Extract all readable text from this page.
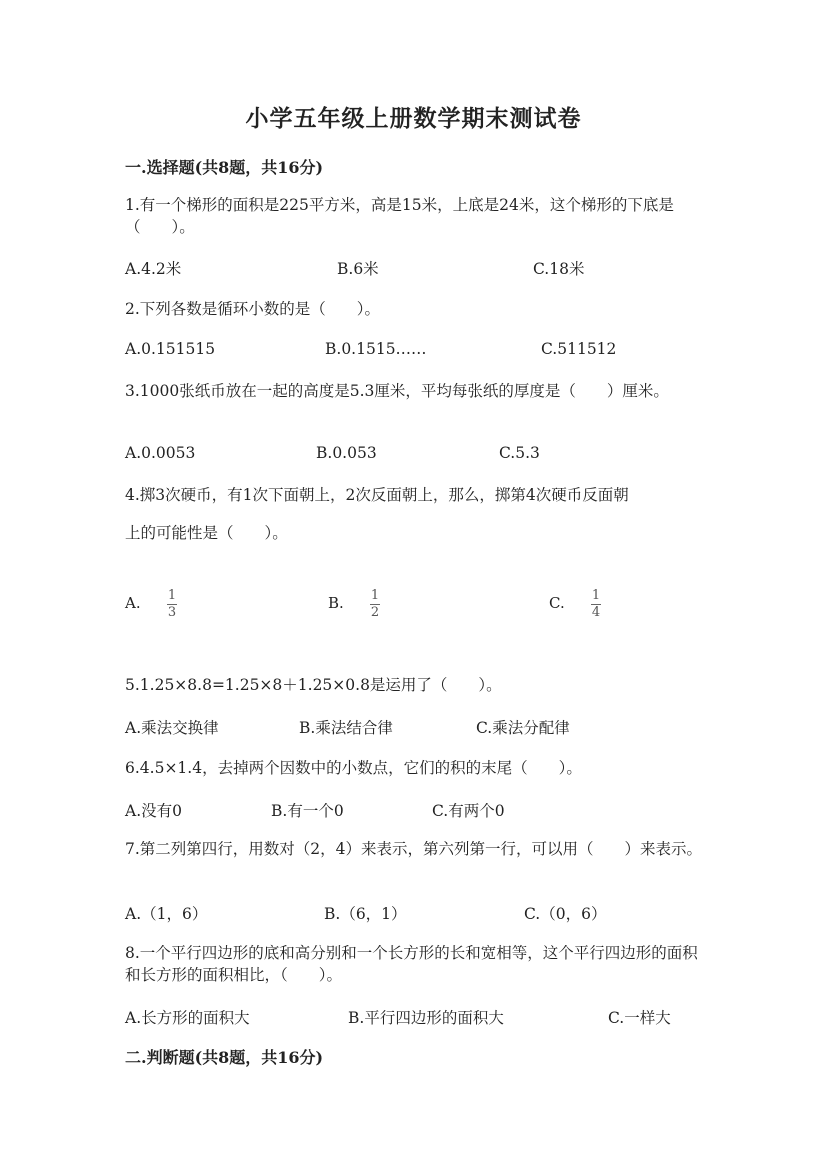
小学五年级上册数学期末测试卷
一.选择题(共8题，共16分)
1.有一个梯形的面积是225平方米，高是15米，上底是24米，这个梯形的下底是（　　）。
A.4.2米	B.6米	C.18米
2.下列各数是循环小数的是（　　）。
A.0.151515	B.0.1515……	C.511512
3.1000张纸币放在一起的高度是5.3厘米，平均每张纸的厚度是（　　）厘米。
A.0.0053	B.0.053	C.5.3
4.掷3次硬币，有1次下面朝上，2次反面朝上，那么，掷第4次硬币反面朝
上的可能性是（　　）。
A. 1
3
B. 1
2
C. 1
4
5.1.25×8.8=1.25×8＋1.25×0.8是运用了（　　）。
A.乘法交换律	B.乘法结合律	C.乘法分配律
6.4.5×1.4，去掉两个因数中的小数点，它们的积的末尾（　　）。
A.没有0	B.有一个0	C.有两个0
7.第二列第四行，用数对（2，4）来表示，第六列第一行，可以用（　　）来表示。
A.（1，6）	B.（6，1）	C.（0，6）
8.一个平行四边形的底和高分别和一个长方形的长和宽相等，这个平行四边形的面积和长方形的面积相比，（　　）。
A.长方形的面积大	B.平行四边形的面积大	C.一样大
二.判断题(共8题，共16分)
